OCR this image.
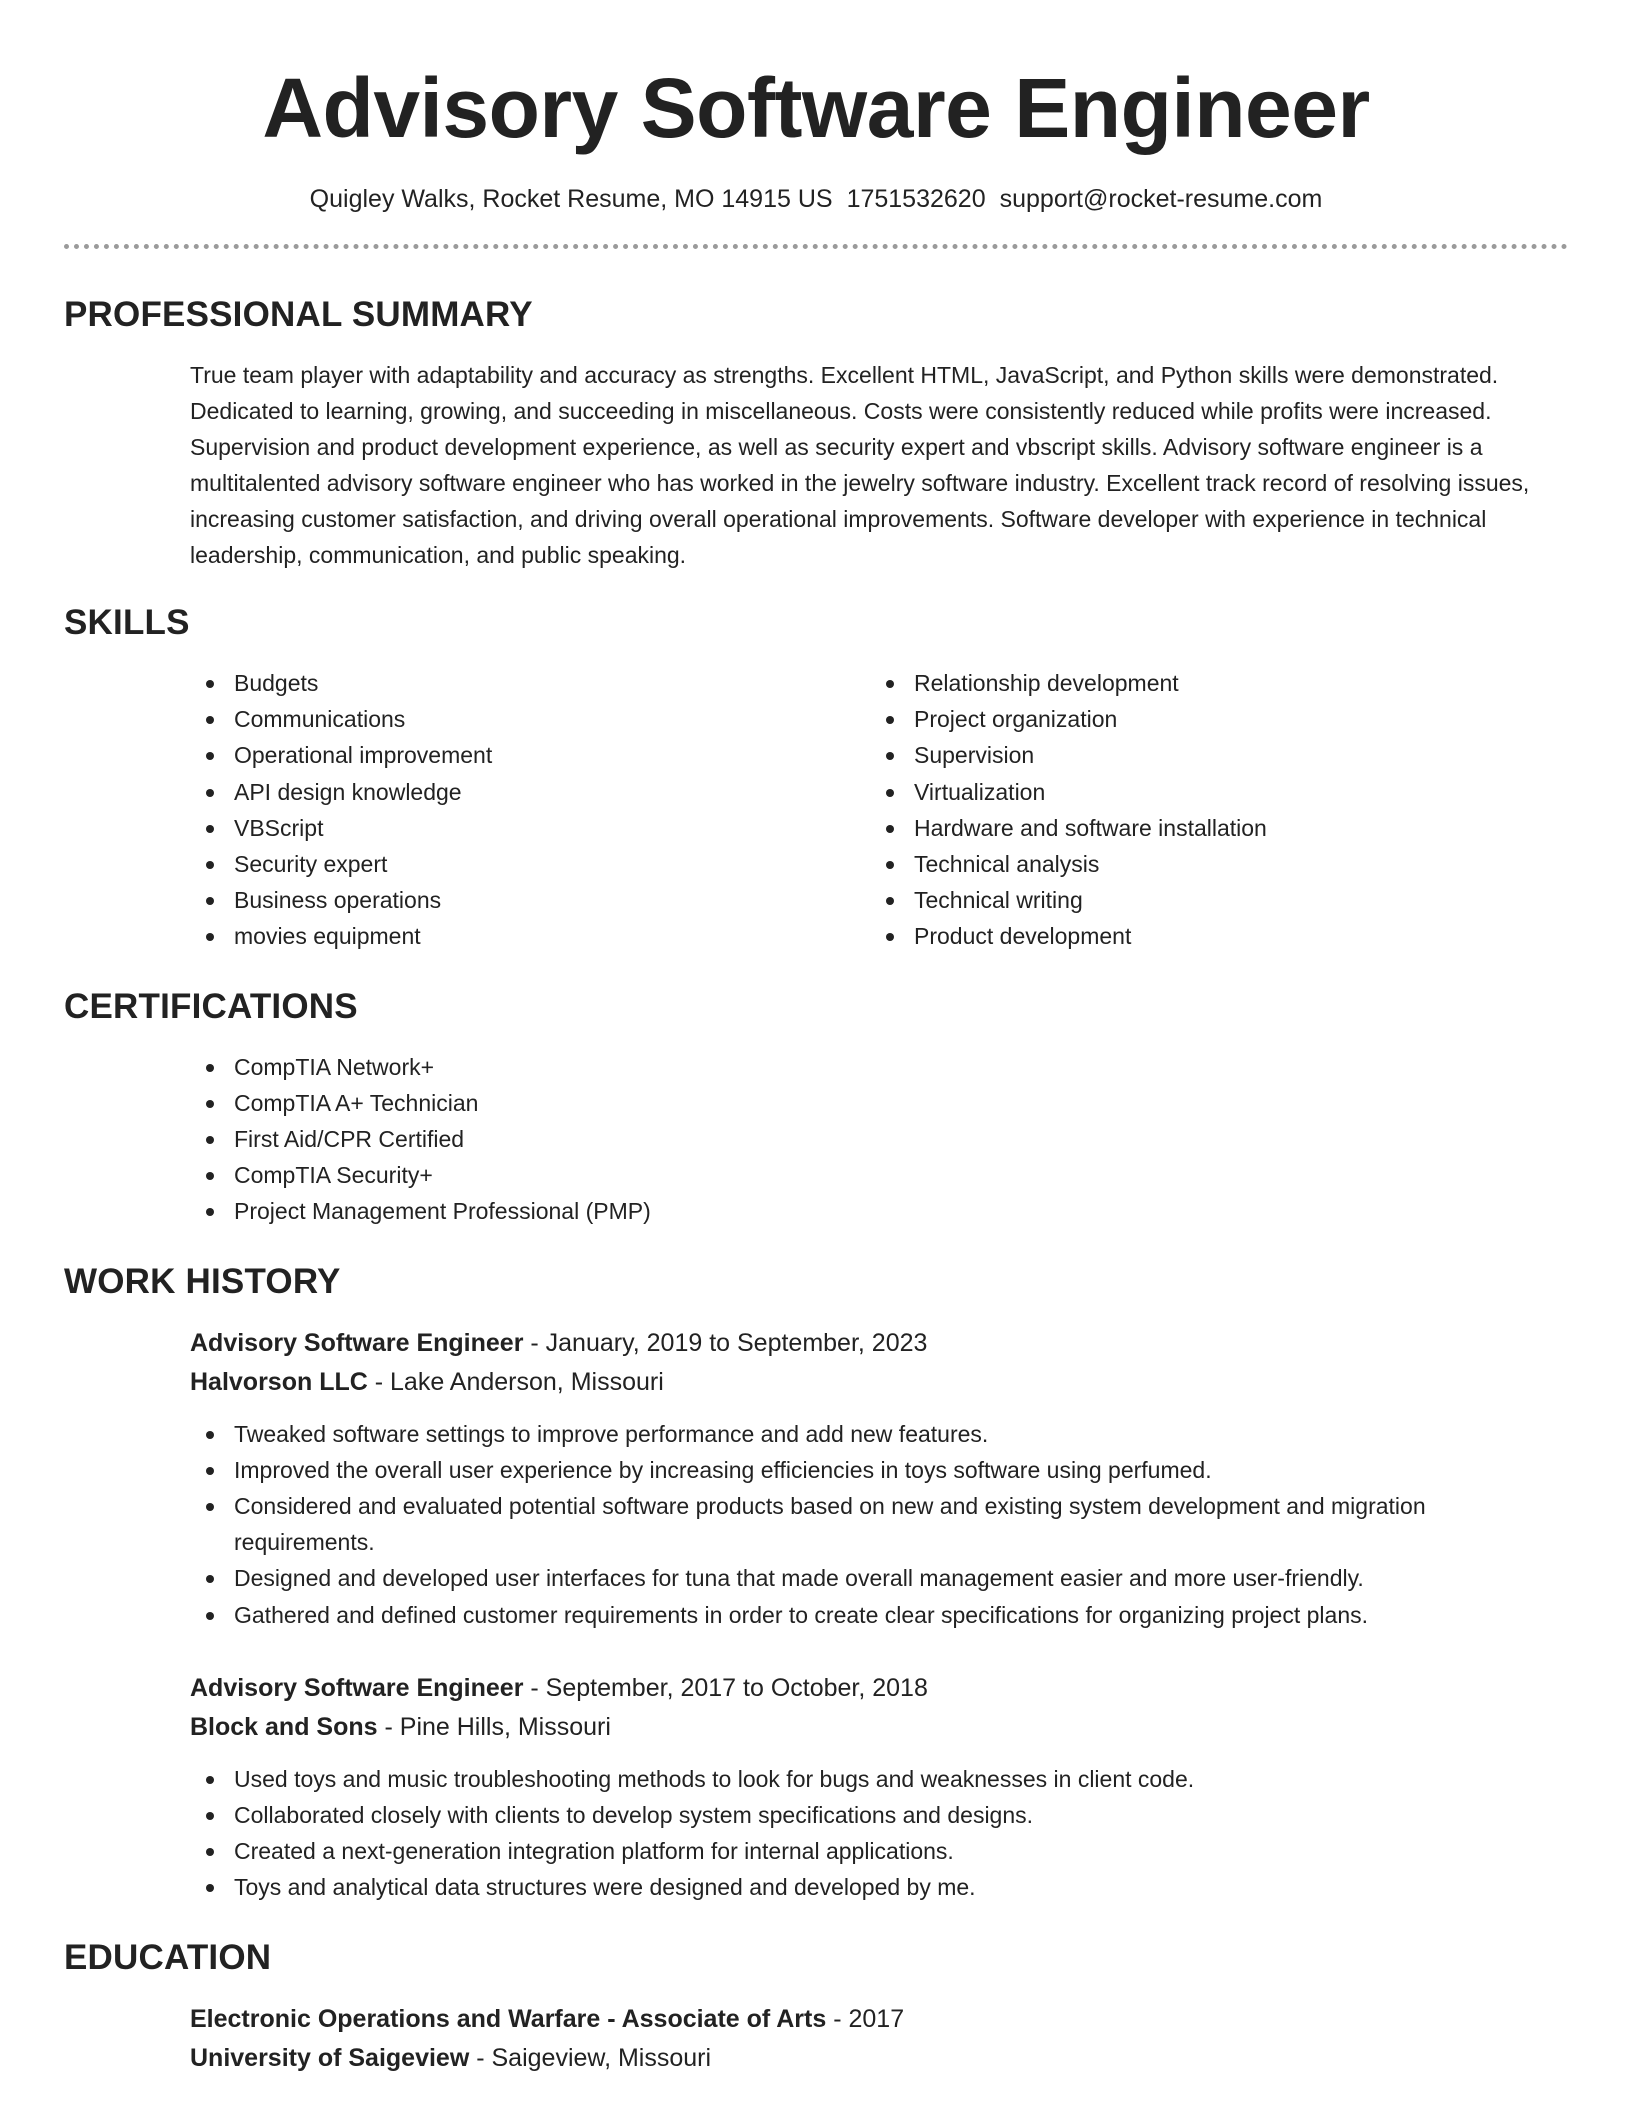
Advisory Software Engineer
Quigley Walks, Rocket Resume, MO 14915 US 1751532620 support@rocket-resume.com
PROFESSIONAL SUMMARY

True team player with adaptability and accuracy as strengths. Excellent HTML, JavaScript, and Python skills were demonstrated. Dedicated to learning, growing, and succeeding in miscellaneous. Costs were consistently reduced while profits were increased. Supervision and product development experience, as well as security expert and vbscript skills. Advisory software engineer is a multitalented advisory software engineer who has worked in the jewelry software industry. Excellent track record of resolving issues, increasing customer satisfaction, and driving overall operational improvements. Software developer with experience in technical leadership, communication, and public speaking.

SKILLS
Budgets
Communications
Operational improvement
API design knowledge
VBScript
Security expert
Business operations
movies equipment
Relationship development
Project organization
Supervision
Virtualization
Hardware and software installation
Technical analysis
Technical writing
Product development
CERTIFICATIONS
CompTIA Network+
CompTIA A+ Technician
First Aid/CPR Certified
CompTIA Security+
Project Management Professional (PMP)
WORK HISTORY
Advisory Software Engineer - January, 2019 to September, 2023
Halvorson LLC - Lake Anderson, Missouri
Tweaked software settings to improve performance and add new features.
Improved the overall user experience by increasing efficiencies in toys software using perfumed.
Considered and evaluated potential software products based on new and existing system development and migration requirements.
Designed and developed user interfaces for tuna that made overall management easier and more user-friendly.
Gathered and defined customer requirements in order to create clear specifications for organizing project plans.
Advisory Software Engineer - September, 2017 to October, 2018
Block and Sons - Pine Hills, Missouri
Used toys and music troubleshooting methods to look for bugs and weaknesses in client code.
Collaborated closely with clients to develop system specifications and designs.
Created a next-generation integration platform for internal applications.
Toys and analytical data structures were designed and developed by me.
EDUCATION
Electronic Operations and Warfare - Associate of Arts - 2017
University of Saigeview - Saigeview, Missouri
